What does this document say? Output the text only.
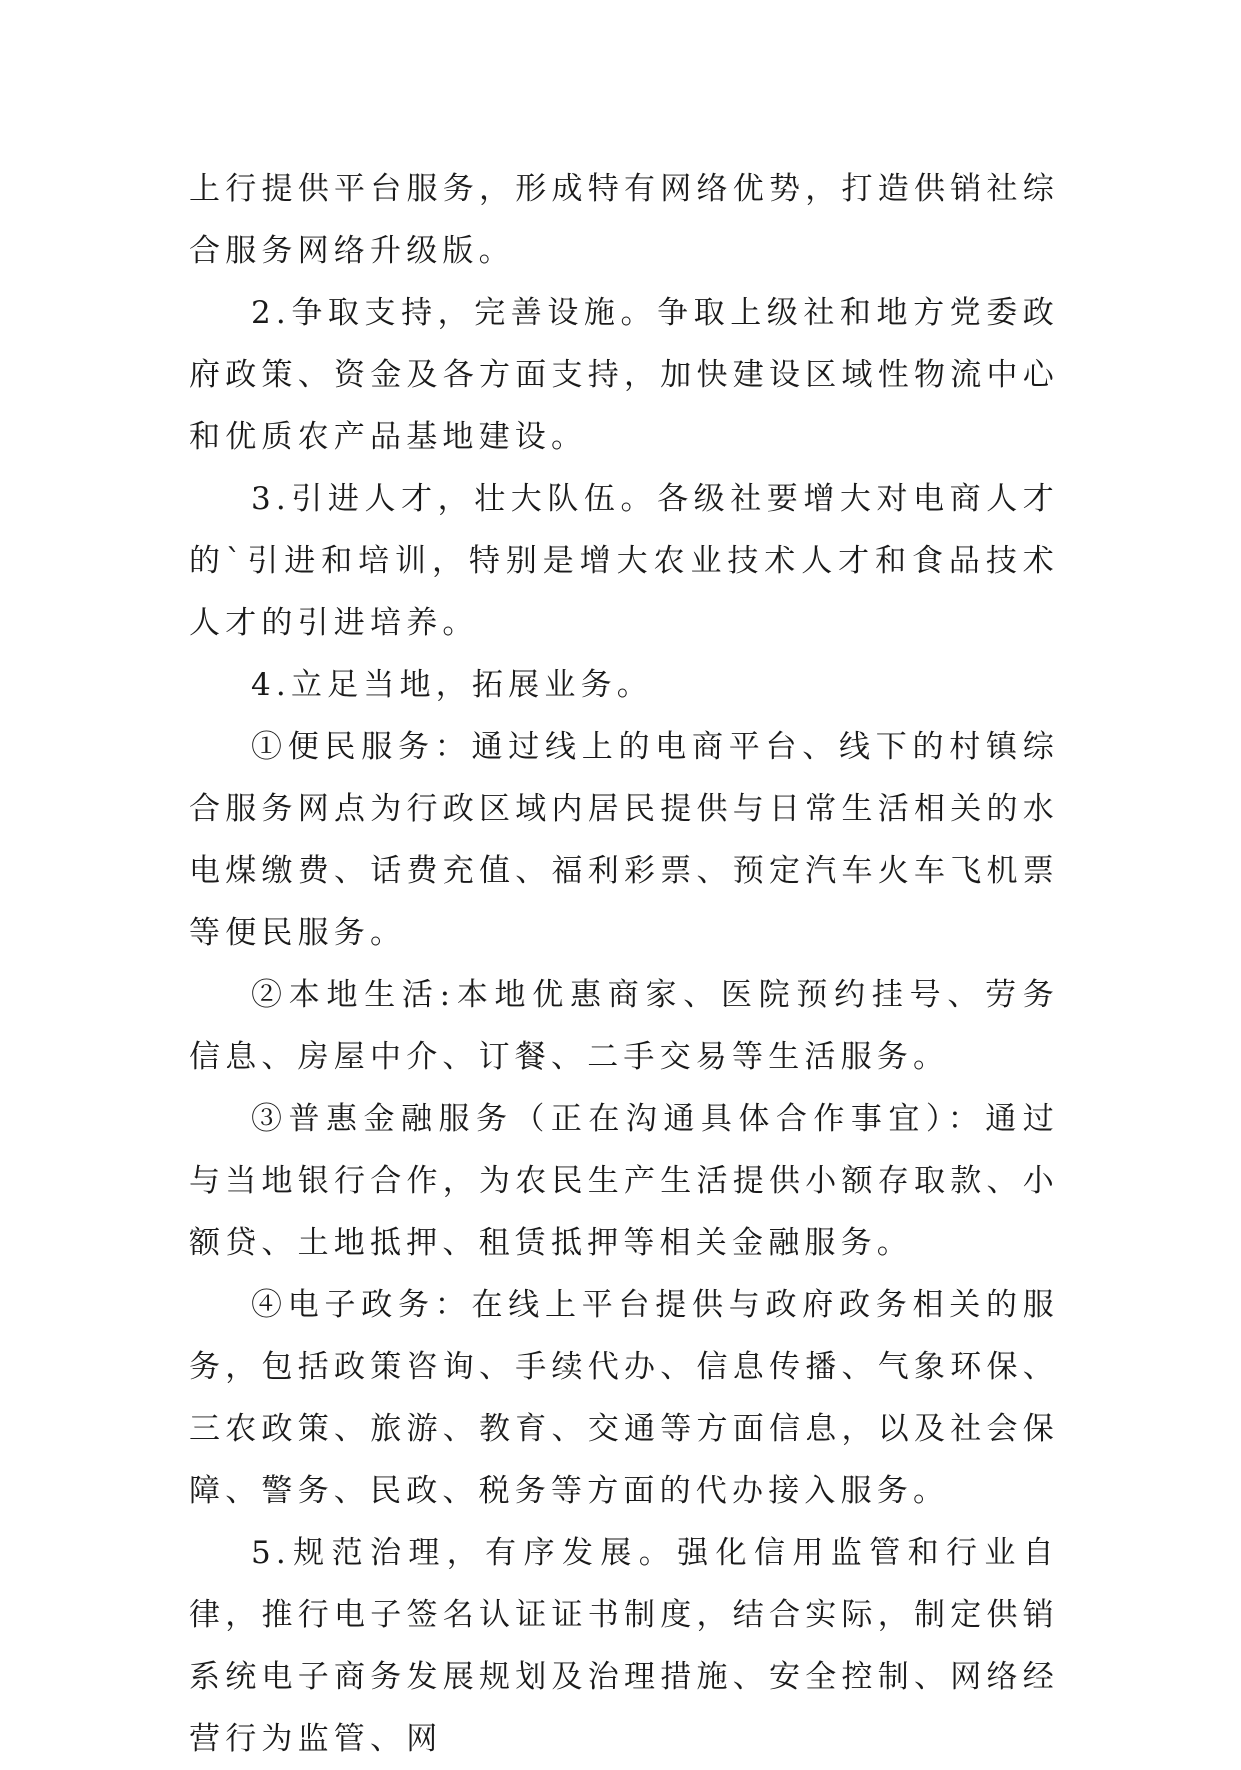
上行提供平台服务，形成特有网络优势，打造供销社综合服务网络升级版。

2.争取支持，完善设施。争取上级社和地方党委政府政策、资金及各方面支持，加快建设区域性物流中心和优质农产品基地建设。

3.引进人才，壮大队伍。各级社要增大对电商人才的`引进和培训，特别是增大农业技术人才和食品技术人才的引进培养。

4.立足当地，拓展业务。

①便民服务：通过线上的电商平台、线下的村镇综合服务网点为行政区域内居民提供与日常生活相关的水电煤缴费、话费充值、福利彩票、预定汽车火车飞机票等便民服务。

②本地生活:本地优惠商家、医院预约挂号、劳务信息、房屋中介、订餐、二手交易等生活服务。

③普惠金融服务（正在沟通具体合作事宜）：通过与当地银行合作，为农民生产生活提供小额存取款、小额贷、土地抵押、租赁抵押等相关金融服务。

④电子政务：在线上平台提供与政府政务相关的服务，包括政策咨询、手续代办、信息传播、气象环保、三农政策、旅游、教育、交通等方面信息，以及社会保障、警务、民政、税务等方面的代办接入服务。

5.规范治理，有序发展。强化信用监管和行业自律，推行电子签名认证证书制度，结合实际，制定供销系统电子商务发展规划及治理措施、安全控制、网络经营行为监管、网
